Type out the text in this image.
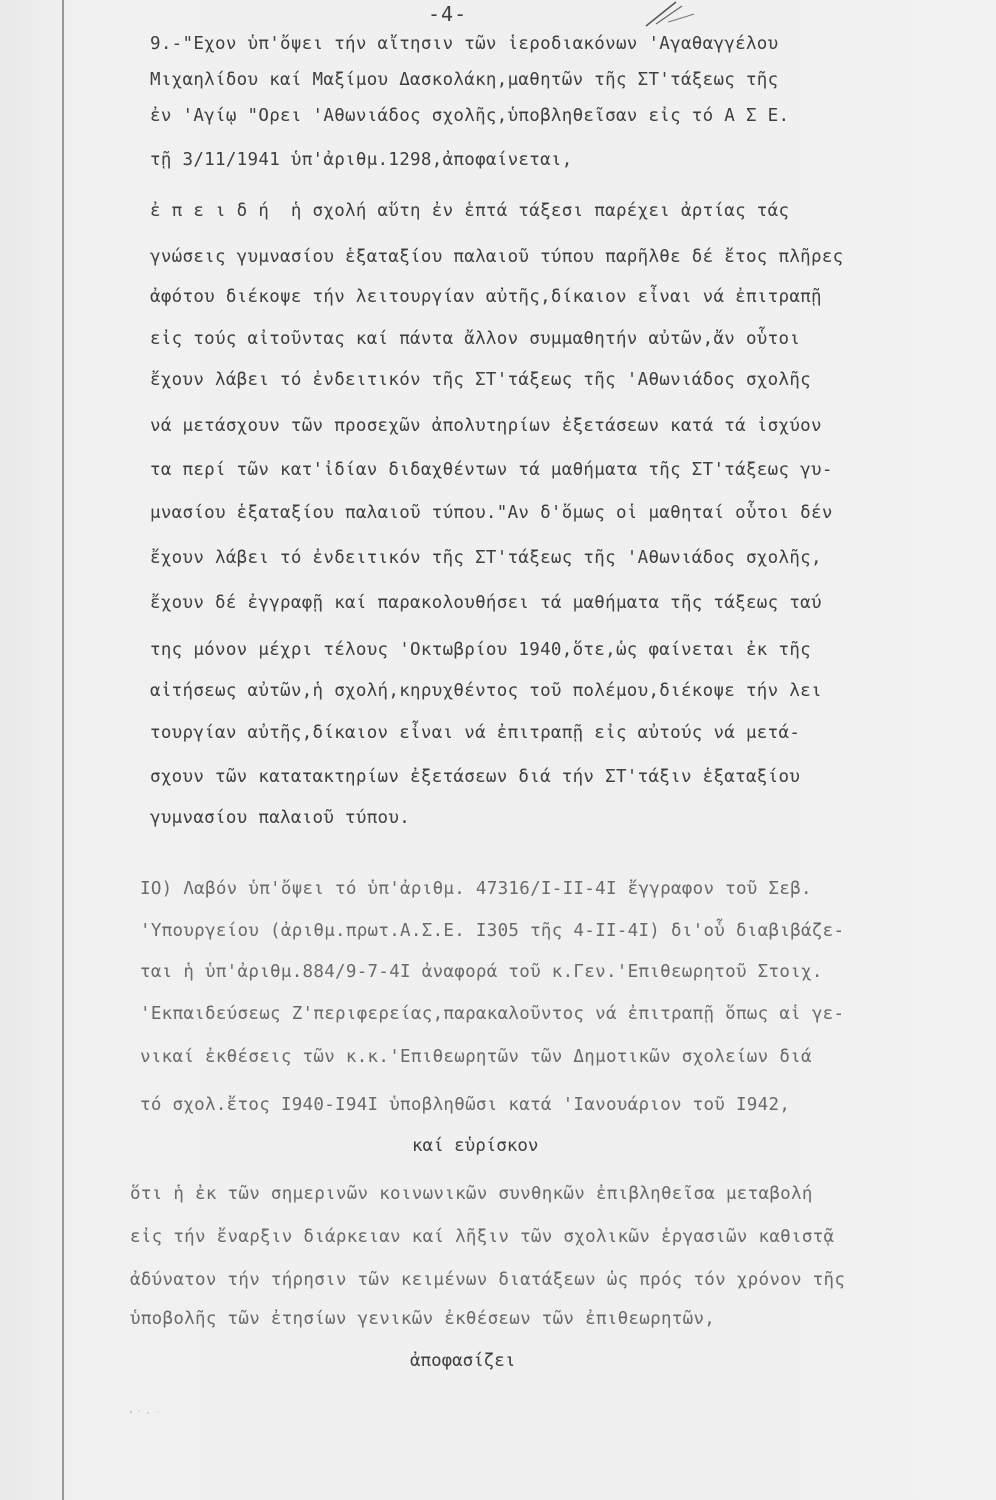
-4-
9.-"Εχον ὑπ'ὄψει τήν αἴτησιν τῶν ἱεροδιακόνων 'Αγαθαγγέλου
Μιχαηλίδου καί Μαξίμου Δασκολάκη,μαθητῶν τῆς ΣΤ'τάξεως τῆς
ἐν 'Αγίῳ "Ορει 'Αθωνιάδος σχολῆς,ὑποβληθεῖσαν εἰς τό Α Σ Ε.
τῇ 3/11/1941 ὑπ'ἀριθμ.1298,ἀποφαίνεται,
ἐ π ε ι δ ή  ἡ σχολή αὕτη ἐν ἑπτά τάξεσι παρέχει ἀρτίας τάς
γνώσεις γυμνασίου ἑξαταξίου παλαιοῦ τύπου παρῆλθε δέ ἔτος πλῆρες
ἀφότου διέκοψε τήν λειτουργίαν αὐτῆς,δίκαιον εἶναι νά ἐπιτραπῇ
εἰς τούς αἰτοῦντας καί πάντα ἄλλον συμμαθητήν αὐτῶν,ἄν οὗτοι
ἔχουν λάβει τό ἐνδειτικόν τῆς ΣΤ'τάξεως τῆς 'Αθωνιάδος σχολῆς
νά μετάσχουν τῶν προσεχῶν ἀπολυτηρίων ἐξετάσεων κατά τά ἰσχύον
τα περί τῶν κατ'ἰδίαν διδαχθέντων τά μαθήματα τῆς ΣΤ'τάξεως γυ-
μνασίου ἑξαταξίου παλαιοῦ τύπου."Αν δ'ὅμως οἱ μαθηταί οὗτοι δέν
ἔχουν λάβει τό ἐνδειτικόν τῆς ΣΤ'τάξεως τῆς 'Αθωνιάδος σχολῆς,
ἔχουν δέ ἐγγραφῇ καί παρακολουθήσει τά μαθήματα τῆς τάξεως ταύ
της μόνον μέχρι τέλους 'Οκτωβρίου 1940,ὅτε,ὡς φαίνεται ἐκ τῆς
αἰτήσεως αὐτῶν,ἡ σχολή,κηρυχθέντος τοῦ πολέμου,διέκοψε τήν λει
τουργίαν αὐτῆς,δίκαιον εἶναι νά ἐπιτραπῇ εἰς αὐτούς νά μετά-
σχουν τῶν κατατακτηρίων ἐξετάσεων διά τήν ΣΤ'τάξιν ἑξαταξίου
γυμνασίου παλαιοῦ τύπου.
IO) Λαβόν ὑπ'ὄψει τό ὑπ'ἀριθμ. 47316/I-II-4I ἔγγραφον τοῦ Σεβ.
'Υπουργείου (ἀριθμ.πρωτ.Α.Σ.Ε. I305 τῆς 4-II-4I) δι'οὗ διαβιβάζε-
ται ἡ ὑπ'ἀριθμ.884/9-7-4I ἀναφορά τοῦ κ.Γεν.'Επιθεωρητοῦ Στοιχ.
'Εκπαιδεύσεως Ζ'περιφερείας,παρακαλοῦντος νά ἐπιτραπῇ ὅπως αἱ γε-
νικαί ἐκθέσεις τῶν κ.κ.'Επιθεωρητῶν τῶν Δημοτικῶν σχολείων διά
τό σχολ.ἔτος I940-I94I ὑποβληθῶσι κατά 'Ιανουάριον τοῦ I942,
καί εὑρίσκον
ὅτι ἡ ἐκ τῶν σημερινῶν κοινωνικῶν συνθηκῶν ἐπιβληθεῖσα μεταβολή
εἰς τήν ἔναρξιν διάρκειαν καί λῆξιν τῶν σχολικῶν ἐργασιῶν καθιστᾷ
ἀδύνατον τήν τήρησιν τῶν κειμένων διατάξεων ὡς πρός τόν χρόνον τῆς
ὑποβολῆς τῶν ἐτησίων γενικῶν ἐκθέσεων τῶν ἐπιθεωρητῶν,
ἀποφασίζει
